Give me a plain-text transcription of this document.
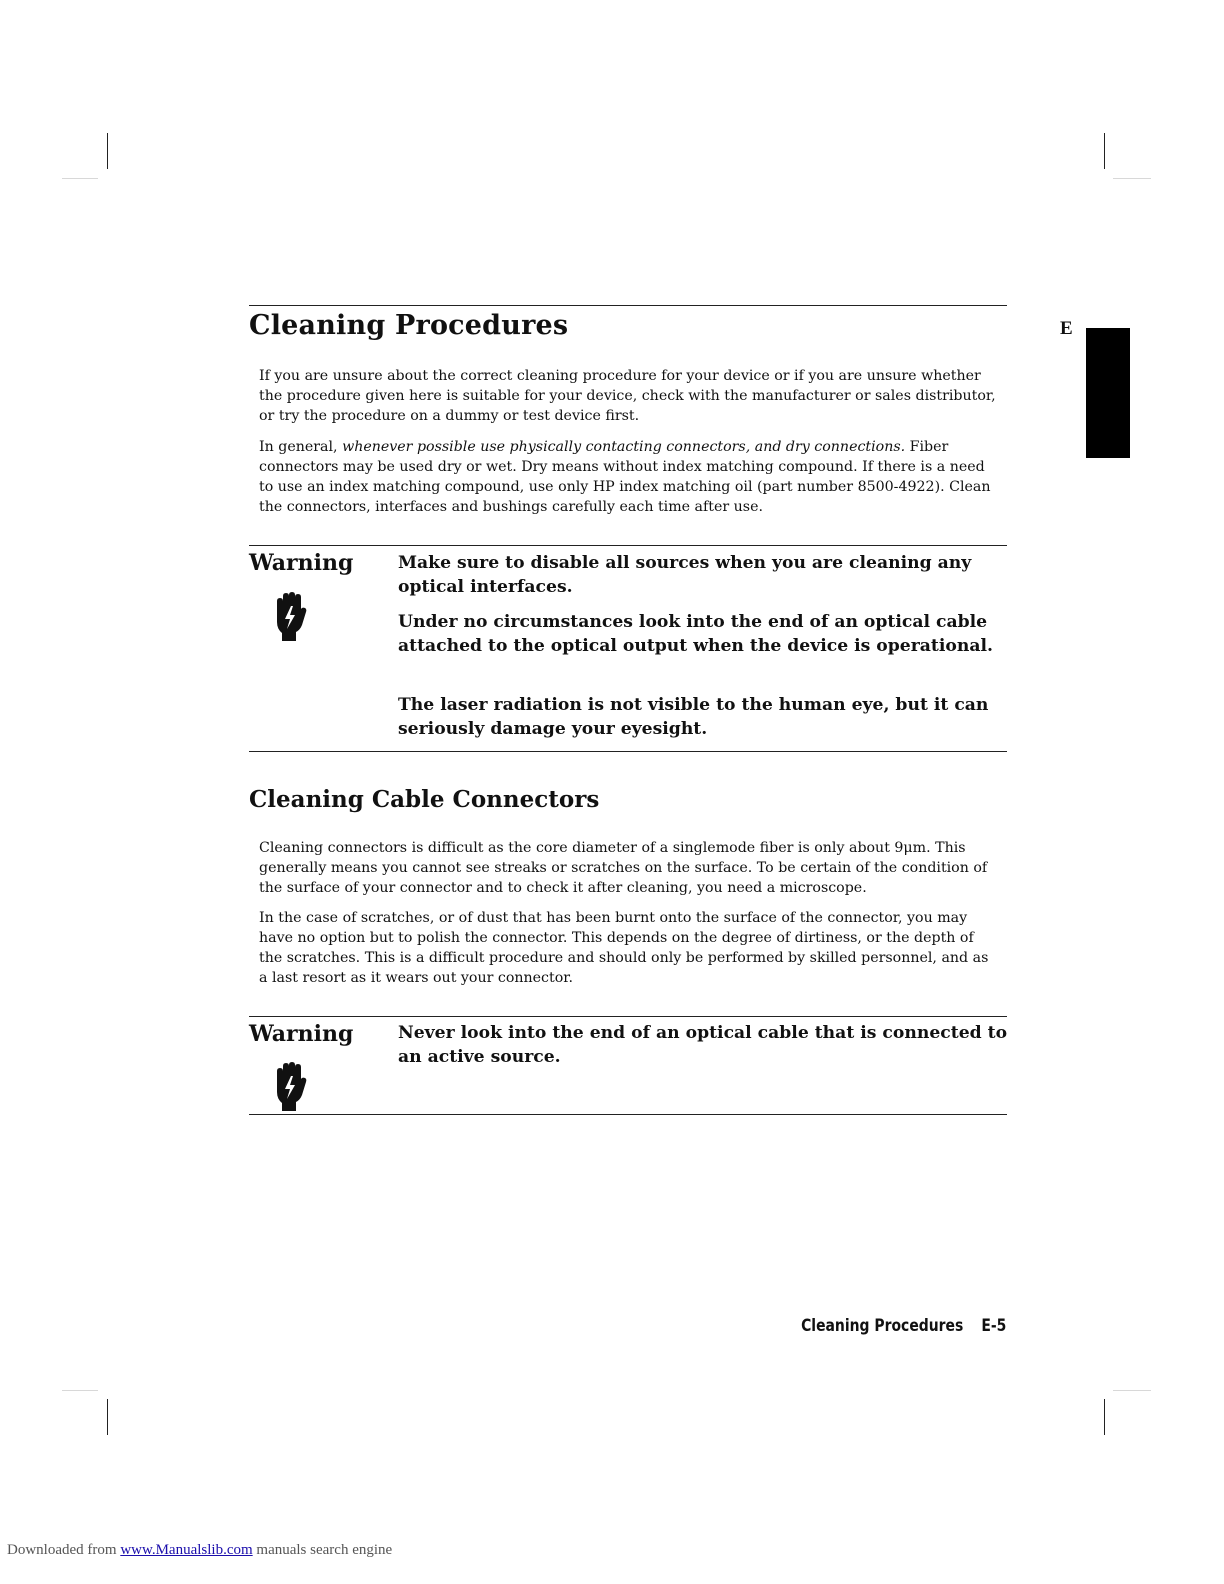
E
Cleaning Procedures

If you are unsure about the correct cleaning procedure for your device or if you are unsure whether the procedure given here is suitable for your device, check with the manufacturer or sales distributor, or try the procedure on a dummy or test device first.

In general, whenever possible use physically contacting connectors, and dry connections. Fiber connectors may be used dry or wet. Dry means without index matching compound. If there is a need to use an index matching compound, use only HP index matching oil (part number 8500-4922). Clean the connectors, interfaces and bushings carefully each time after use.

Warning	Make sure to disable all sources when you are cleaning any optical interfaces.

Under no circumstances look into the end of an optical cable attached to the optical output when the device is operational.

The laser radiation is not visible to the human eye, but it can seriously damage your eyesight.

Cleaning Cable Connectors

Cleaning connectors is difficult as the core diameter of a singlemode fiber is only about 9μm. This generally means you cannot see streaks or scratches on the surface. To be certain of the condition of the surface of your connector and to check it after cleaning, you need a microscope.

In the case of scratches, or of dust that has been burnt onto the surface of the connector, you may have no option but to polish the connector. This depends on the degree of dirtiness, or the depth of the scratches. This is a difficult procedure and should only be performed by skilled personnel, and as a last resort as it wears out your connector.

Warning	Never look into the end of an optical cable that is connected to an active source.

Cleaning Procedures E-5
Downloaded from www.Manualslib.com manuals search engine
